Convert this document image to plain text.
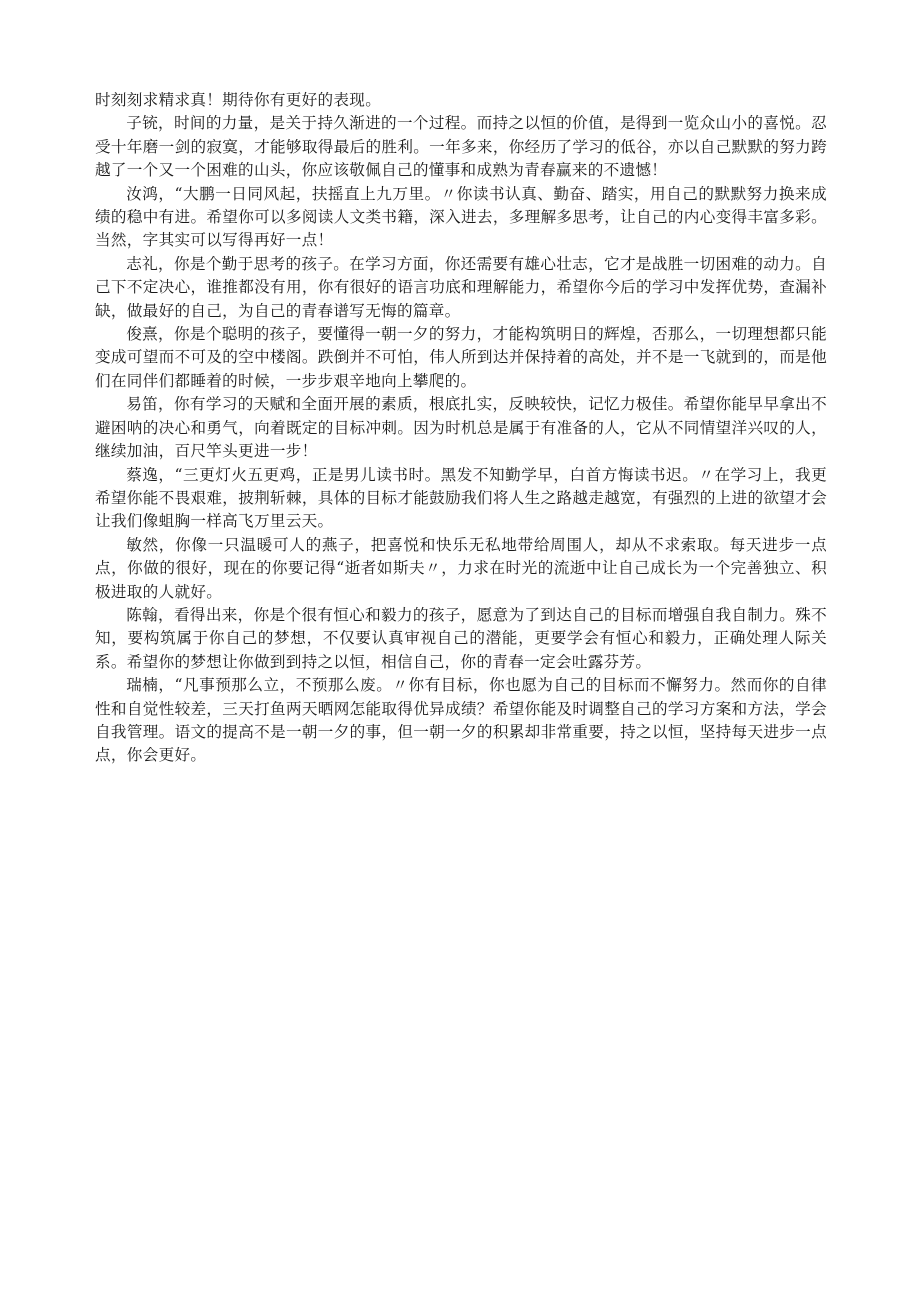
时刻刻求精求真！期待你有更好的表现。

子铳，时间的力量，是关于持久渐进的一个过程。而持之以恒的价值，是得到一览众山小的喜悦。忍受十年磨一剑的寂寞，才能够取得最后的胜利。一年多来，你经历了学习的低谷，亦以自己默默的努力跨越了一个又一个困难的山头，你应该敬佩自己的懂事和成熟为青春赢来的不遗憾！

汝鸿，“大鹏一日同风起，扶摇直上九万里。〃你读书认真、勤奋、踏实，用自己的默默努力换来成绩的稳中有进。希望你可以多阅读人文类书籍，深入进去，多理解多思考，让自己的内心变得丰富多彩。当然，字其实可以写得再好一点！

志礼，你是个勤于思考的孩子。在学习方面，你还需要有雄心壮志，它才是战胜一切困难的动力。自己下不定决心，谁推都没有用，你有很好的语言功底和理解能力，希望你今后的学习中发挥优势，查漏补缺，做最好的自己，为自己的青春谱写无悔的篇章。

俊熹，你是个聪明的孩子，要懂得一朝一夕的努力，才能构筑明日的辉煌，否那么，一切理想都只能变成可望而不可及的空中楼阁。跌倒并不可怕，伟人所到达并保持着的高处，并不是一飞就到的，而是他们在同伴们都睡着的时候，一步步艰辛地向上攀爬的。

易笛，你有学习的天赋和全面开展的素质，根底扎实，反映较快，记忆力极佳。希望你能早早拿出不避困呐的决心和勇气，向着既定的目标冲刺。因为时机总是属于有准备的人，它从不同情望洋兴叹的人，继续加油，百尺竿头更进一步！

蔡逸，“三更灯火五更鸡，正是男儿读书时。黑发不知勤学早，白首方悔读书迟。〃在学习上，我更希望你能不畏艰难，披荆斩棘，具体的目标才能鼓励我们将人生之路越走越宽，有强烈的上进的欲望才会让我们像蛆胸一样高飞万里云天。

敏然，你像一只温暖可人的燕子，把喜悦和快乐无私地带给周围人，却从不求索取。每天进步一点点，你做的很好，现在的你要记得“逝者如斯夫〃，力求在时光的流逝中让自己成长为一个完善独立、积极进取的人就好。

陈翰，看得出来，你是个很有恒心和毅力的孩子，愿意为了到达自己的目标而增强自我自制力。殊不知，要构筑属于你自己的梦想，不仅要认真审视自己的潜能，更要学会有恒心和毅力，正确处理人际关系。希望你的梦想让你做到到持之以恒，相信自己，你的青春一定会吐露芬芳。

瑞楠，“凡事预那么立，不预那么废。〃你有目标，你也愿为自己的目标而不懈努力。然而你的自律性和自觉性较差，三天打鱼两天晒网怎能取得优异成绩？希望你能及时调整自己的学习方案和方法，学会自我管理。语文的提高不是一朝一夕的事，但一朝一夕的积累却非常重要，持之以恒，坚持每天进步一点点，你会更好。
